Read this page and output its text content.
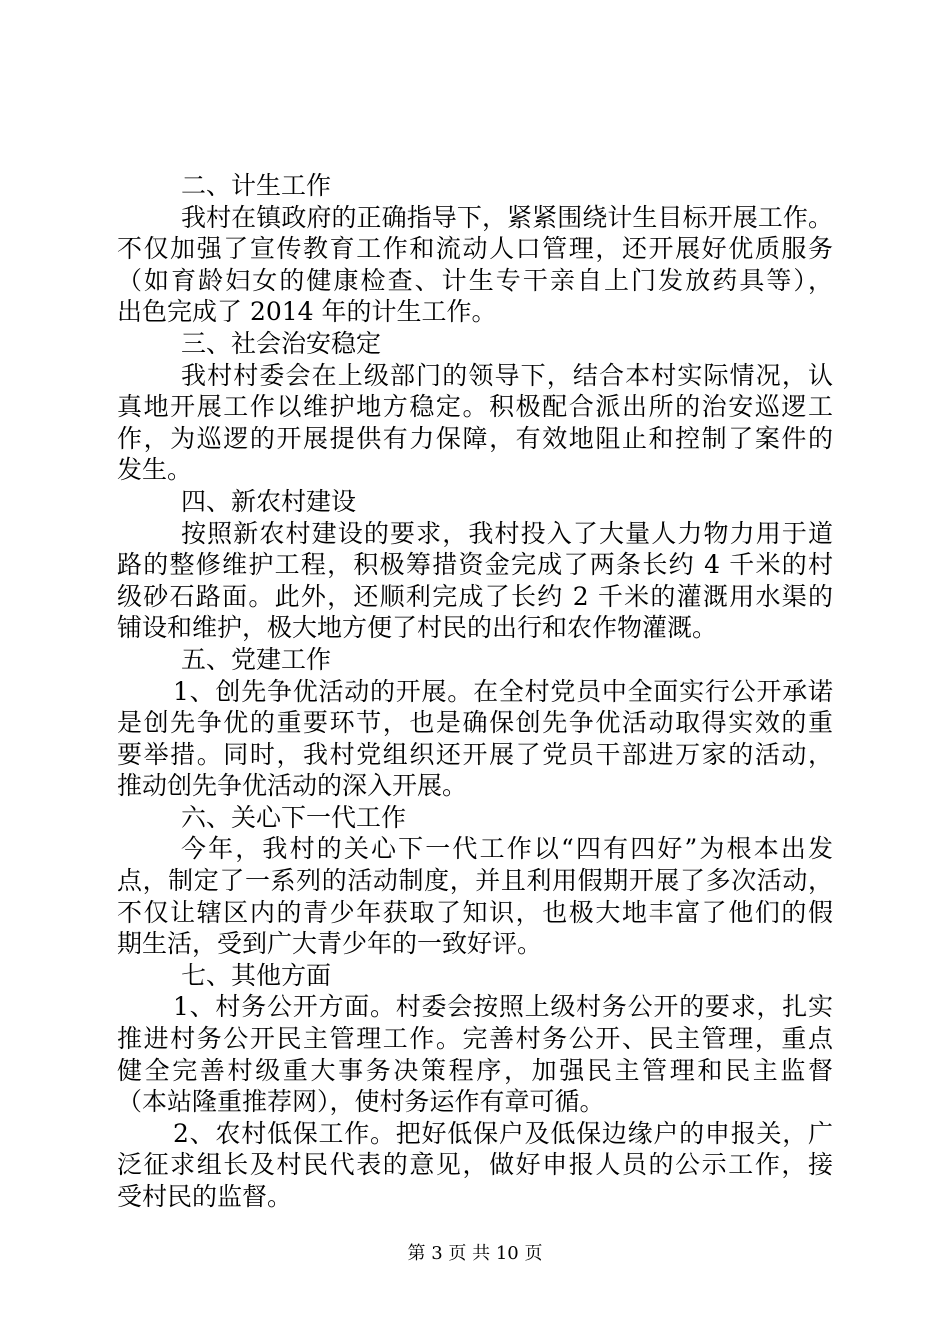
二、计生工作
我村在镇政府的正确指导下，紧紧围绕计生目标开展工作。
不仅加强了宣传教育工作和流动人口管理，还开展好优质服务
（如育龄妇女的健康检查、计生专干亲自上门发放药具等），
出色完成了 2014 年的计生工作。
三、社会治安稳定
我村村委会在上级部门的领导下，结合本村实际情况，认
真地开展工作以维护地方稳定。积极配合派出所的治安巡逻工
作，为巡逻的开展提供有力保障，有效地阻止和控制了案件的
发生。
四、新农村建设
按照新农村建设的要求，我村投入了大量人力物力用于道
路的整修维护工程，积极筹措资金完成了两条长约 4 千米的村
级砂石路面。此外，还顺利完成了长约 2 千米的灌溉用水渠的
铺设和维护，极大地方便了村民的出行和农作物灌溉。
五、党建工作
1、创先争优活动的开展。在全村党员中全面实行公开承诺
是创先争优的重要环节，也是确保创先争优活动取得实效的重
要举措。同时，我村党组织还开展了党员干部进万家的活动，
推动创先争优活动的深入开展。
六、关心下一代工作
今年，我村的关心下一代工作以“四有四好”为根本出发
点，制定了一系列的活动制度，并且利用假期开展了多次活动，
不仅让辖区内的青少年获取了知识，也极大地丰富了他们的假
期生活，受到广大青少年的一致好评。
七、其他方面
1、村务公开方面。村委会按照上级村务公开的要求，扎实
推进村务公开民主管理工作。完善村务公开、民主管理，重点
健全完善村级重大事务决策程序，加强民主管理和民主监督
（本站隆重推荐网），使村务运作有章可循。
2、农村低保工作。把好低保户及低保边缘户的申报关，广
泛征求组长及村民代表的意见，做好申报人员的公示工作，接
受村民的监督。
第 3 页 共 10 页
